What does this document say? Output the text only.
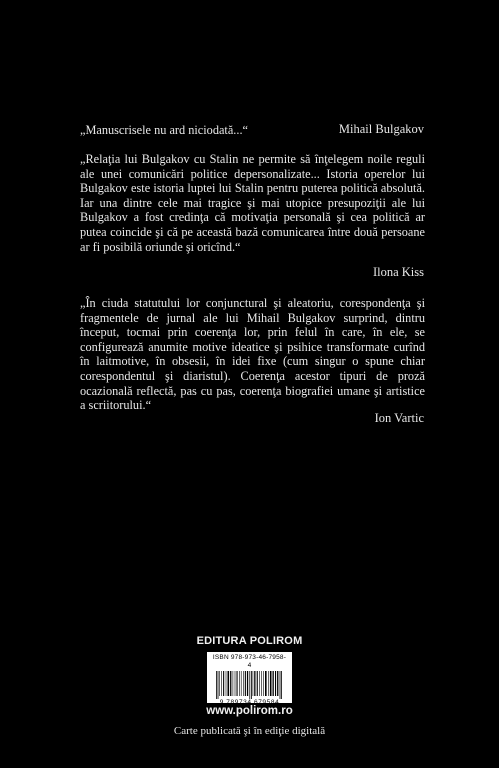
„Manuscrisele nu ard niciodată...“	Mihail Bulgakov
„Relaţia lui Bulgakov cu Stalin ne permite să înţelegem noile reguli ale unei comunicări politice depersonalizate... Istoria operelor lui Bulgakov este istoria luptei lui Stalin pentru puterea politică absolută. Iar una dintre cele mai tragice şi mai utopice presupoziţii ale lui Bulgakov a fost credinţa că motivaţia personală şi cea politică ar putea coincide şi că pe această bază comunicarea între două persoane ar fi posibilă oriunde şi oricînd.“
Ilona Kiss
„În ciuda statutului lor conjunctural şi aleatoriu, corespondenţa şi fragmentele de jurnal ale lui Mihail Bulgakov surprind, dintru început, tocmai prin coerenţa lor, prin felul în care, în ele, se configurează anumite motive ideatice şi psihice transformate curînd în laitmotive, în obsesii, în idei fixe (cum singur o spune chiar corespondentul şi diaristul). Coerenţa acestor tipuri de proză ocazională reflectă, pas cu pas, coerenţa biografiei umane şi artistice a scriitorului.“
Ion Vartic
EDITURA POLIROM
ISBN 978-973-46-7958-4
9 789734 679584
www.polirom.ro
Carte publicată şi în ediţie digitală
